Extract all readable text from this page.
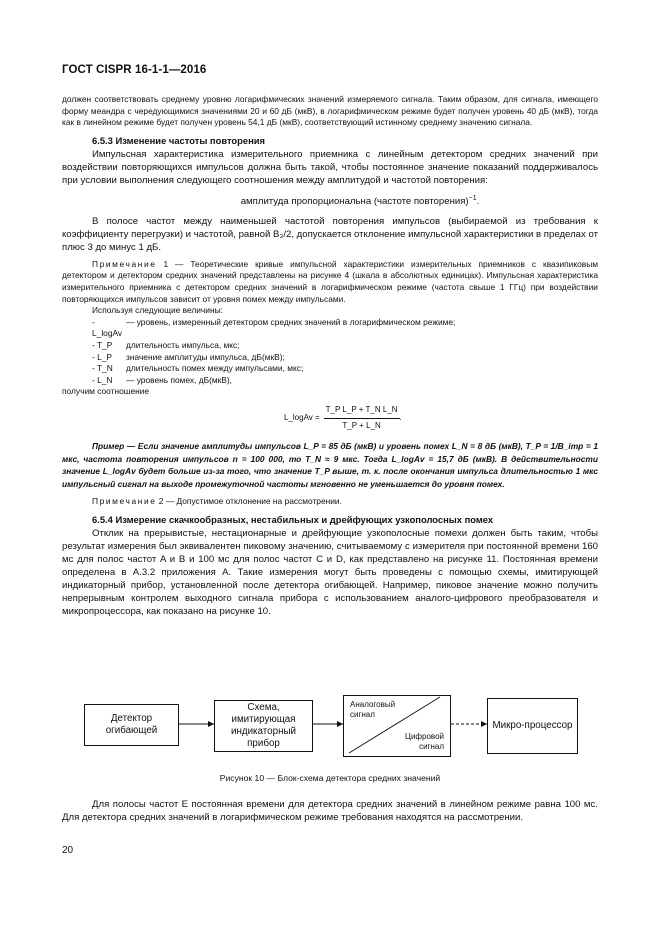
ГОСТ CISPR 16-1-1—2016

должен соответствовать среднему уровню логарифмических значений измеряемого сигнала. Таким образом, для сигнала, имеющего форму меандра с чередующимися значениями 20 и 60 дБ (мкВ), в логарифмическом режиме будет получен уровень 40 дБ (мкВ), тогда как в линейном режиме будет получен уровень 54,1 дБ (мкВ), соответствующий истинному среднему значению сигнала.

6.5.3 Изменение частоты повторения

Импульсная характеристика измерительного приемника с линейным детектором средних значений при воздействии повторяющихся импульсов должна быть такой, чтобы постоянное значение показаний поддерживалось при условии выполнения следующего соотношения между амплитудой и частотой повторения:

амплитуда пропорциональна (частоте повторения)$^{-1}$.

В полосе частот между наименьшей частотой повторения импульсов (выбираемой из требования к коэффициенту перегрузки) и частотой, равной B₃/2, допускается отклонение импульсной характеристики в пределах от плюс 3 до минус 1 дБ.

Примечание 1 — Теоретические кривые импульсной характеристики измерительных приемников с квазипиковым детектором и детектором средних значений представлены на рисунке 4 (шкала в абсолютных единицах). Импульсная характеристика измерительного приемника с детектором средних значений в логарифмическом режиме (частота свыше 1 ГГц) при воздействии повторяющихся импульсов зависит от уровня помех между импульсами.

Используя следующие величины:

- L_logAv
— уровень, измеренный детектором средних значений в логарифмическом режиме;
- T_P	длительность импульса, мкс;
- L_P	значение амплитуды импульса, дБ(мкВ);
- T_N	длительность помех между импульсами, мкс;
- L_N	— уровень помех, дБ(мкВ),

получим соотношение

L_logAv = $\frac{\text{T\_P L\_P + T\_N L\_N}}{T\_P + L\_N}$ .

Пример — Если значение амплитуды импульсов L_P = 85 дБ (мкВ) и уровень помех L_N = 8 дБ (мкВ), T_P = 1/B_imp = 1 мкс, частота повторения импульсов n = 100 000, то T_N ≈ 9 мкс. Тогда L_logAv = 15,7 дБ (мкВ). В действительности значение L_logAv будет больше из-за того, что значение T_P выше, т. к. после окончания импульса длительностью 1 мкс импульсный сигнал на выходе промежуточной частоты мгновенно не уменьшается до уровня помех.

Примечание 2 — Допустимое отклонение на рассмотрении.

6.5.4 Измерение скачкообразных, нестабильных и дрейфующих узкополосных помех

Отклик на прерывистые, нестационарные и дрейфующие узкополосные помехи должен быть таким, чтобы результат измерения был эквивалентен пиковому значению, считываемому с измерителя при постоянной времени 160 мс для полос частот A и B и 100 мс для полос частот C и D, как представлено на рисунке 11. Постоянная времени определена в A.3.2 приложения А. Такие измерения могут быть проведены с помощью схемы, имитирующей индикаторный прибор, установленной после детектора огибающей. Например, пиковое значение можно получить непрерывным контролем выходного сигнала прибора с использованием аналого-цифрового преобразователя и микропроцессора, как показано на рисунке 10.

Детектор огибающей
Схема, имитирующая индикаторный прибор
Аналоговый сигнал
Цифровой сигнал
Микро-процессор
Рисунок 10 — Блок-схема детектора средних значений
Для полосы частот E постоянная времени для детектора средних значений в линейном режиме равна 100 мс. Для детектора средних значений в логарифмическом режиме требования находятся на рассмотрении.
20
